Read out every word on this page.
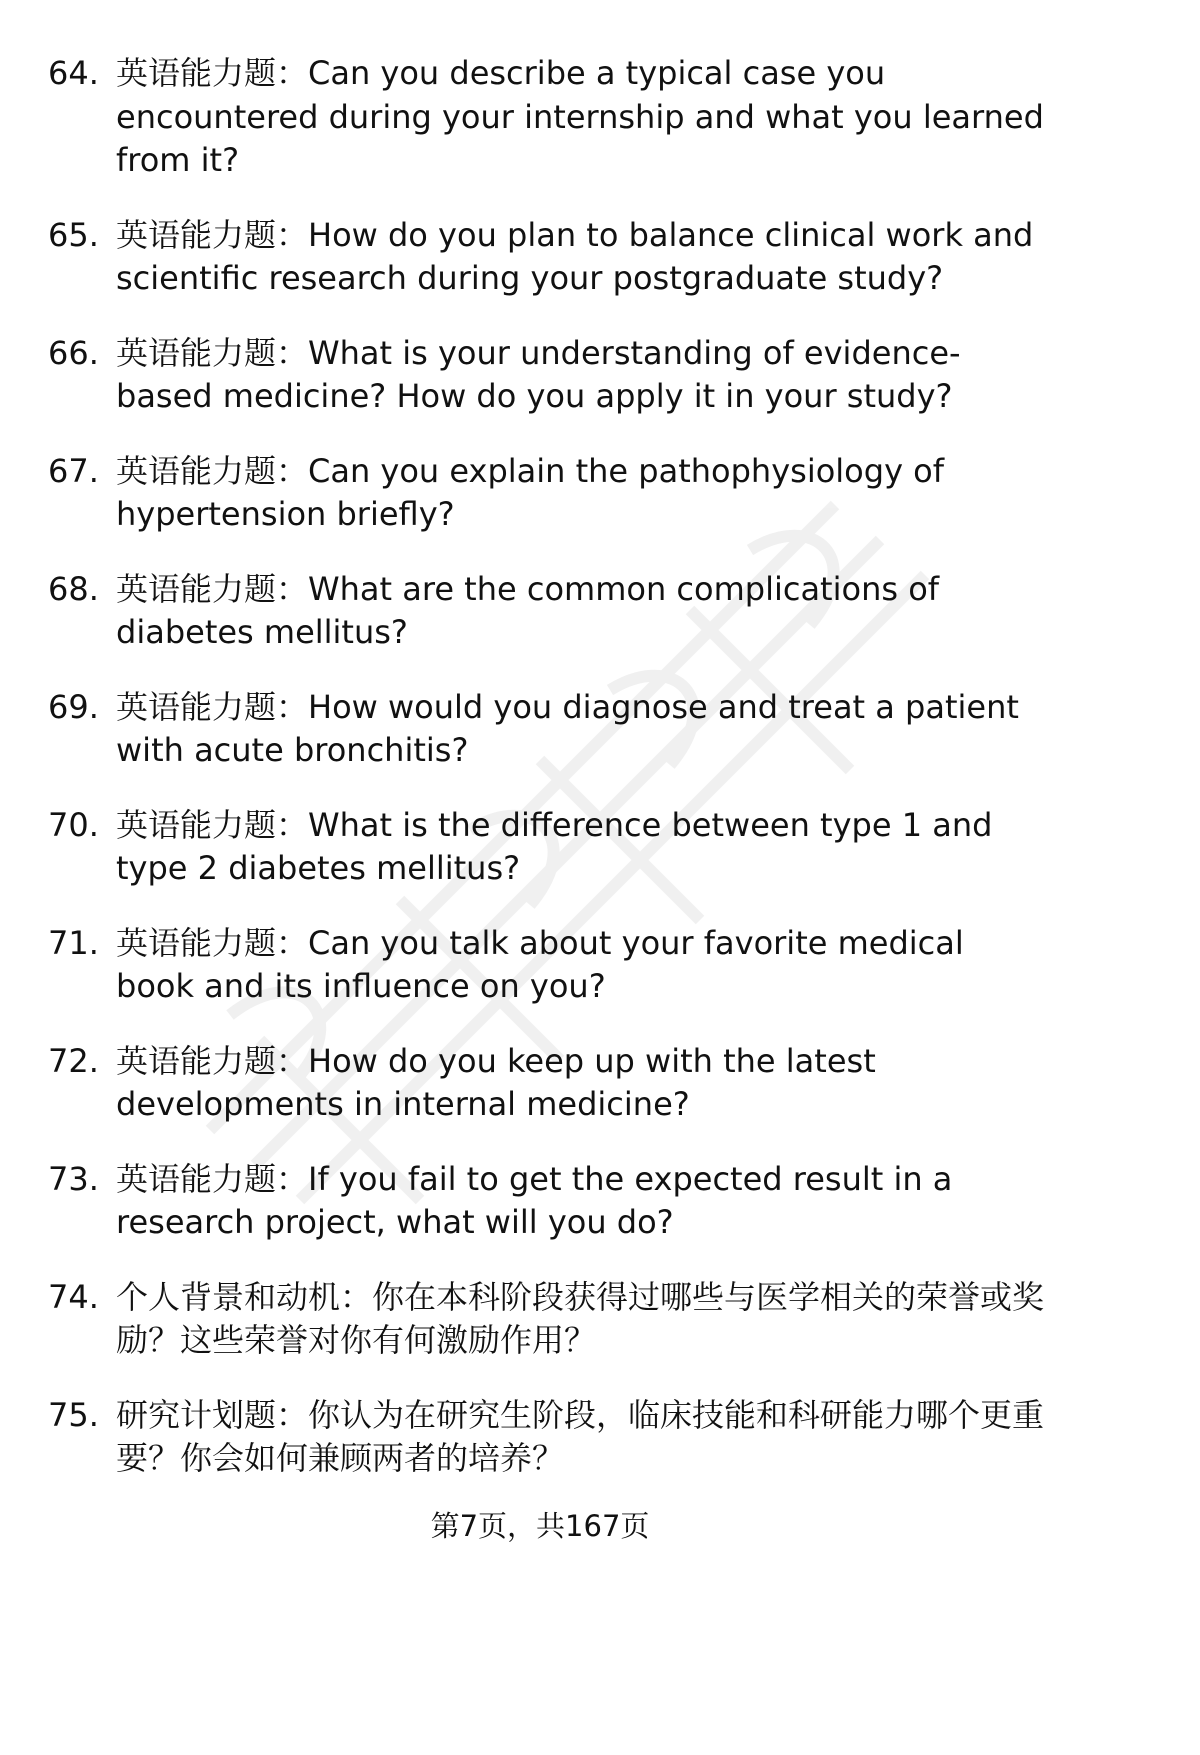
64. 英语能力题：Can you describe a typical case you encountered during your internship and what you learned from it?
65. 英语能力题：How do you plan to balance clinical work and scientific research during your postgraduate study?
66. 英语能力题：What is your understanding of evidence-based medicine? How do you apply it in your study?
67. 英语能力题：Can you explain the pathophysiology of hypertension briefly?
68. 英语能力题：What are the common complications of diabetes mellitus?
69. 英语能力题：How would you diagnose and treat a patient with acute bronchitis?
70. 英语能力题：What is the difference between type 1 and type 2 diabetes mellitus?
71. 英语能力题：Can you talk about your favorite medical book and its influence on you?
72. 英语能力题：How do you keep up with the latest developments in internal medicine?
73. 英语能力题：If you fail to get the expected result in a research project, what will you do?
74. 个人背景和动机：你在本科阶段获得过哪些与医学相关的荣誉或奖励？这些荣誉对你有何激励作用？
75. 研究计划题：你认为在研究生阶段，临床技能和科研能力哪个更重要？你会如何兼顾两者的培养？
第7页，共167页
